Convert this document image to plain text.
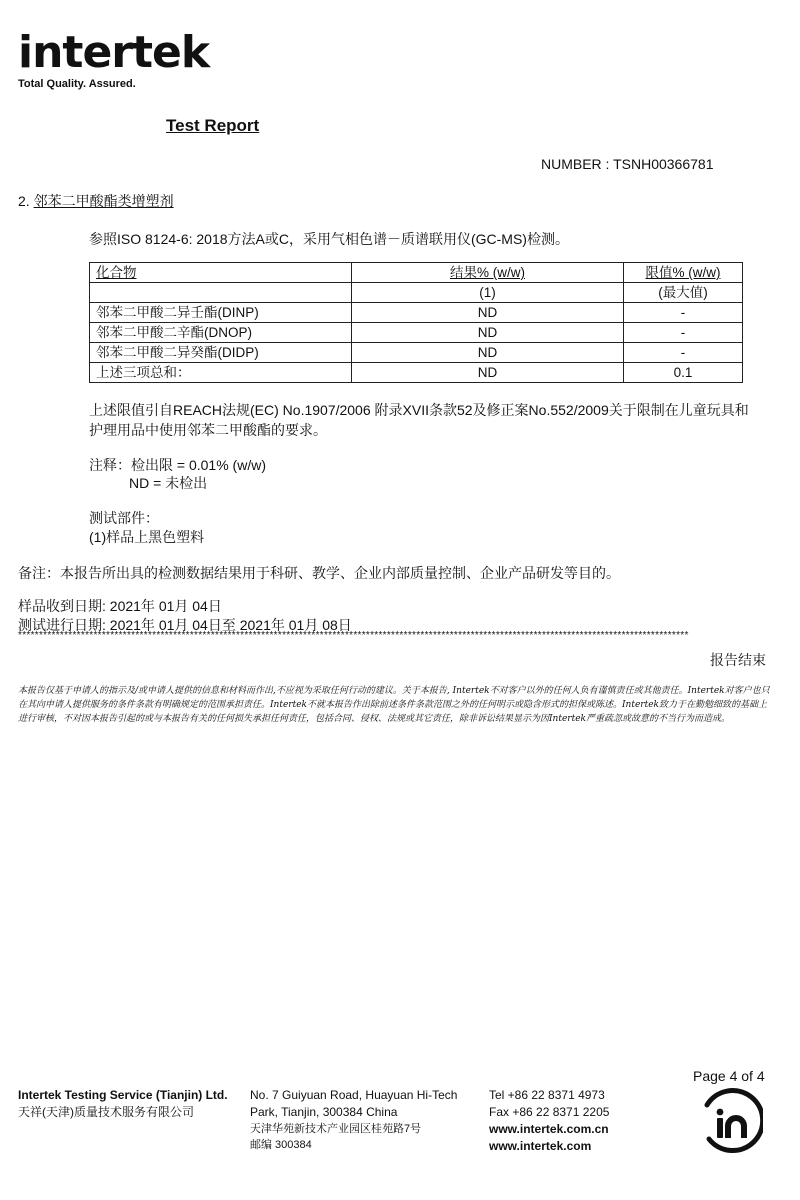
intertek
Total Quality. Assured.
Test Report
NUMBER : TSNH00366781
2. 邻苯二甲酸酯类增塑剂
参照ISO 8124-6: 2018方法A或C，采用气相色谱－质谱联用仪(GC-MS)检测。
化合物	结果% (w/w)	限值% (w/w)
	(1)	(最大值)
邻苯二甲酸二异壬酯(DINP)	ND	-
邻苯二甲酸二辛酯(DNOP)	ND	-
邻苯二甲酸二异癸酯(DIDP)	ND	-
上述三项总和：	ND	0.1
上述限值引自REACH法规(EC) No.1907/2006 附录XVII条款52及修正案No.552/2009关于限制在儿童玩具和护理用品中使用邻苯二甲酸酯的要求。
注释：检出限 = 0.01% (w/w)
ND = 未检出
测试部件：
(1)样品上黑色塑料
备注：本报告所出具的检测数据结果用于科研、教学、企业内部质量控制、企业产品研发等目的。
样品收到日期: 2021年 01月 04日
测试进行日期: 2021年 01月 04日至 2021年 01月 08日
****************************************************************************************************************************************************************
报告结束
本报告仅基于申请人的指示及/或申请人提供的信息和材料而作出,不应视为采取任何行动的建议。关于本报告, Intertek不对客户以外的任何人负有谨慎责任或其他责任。Intertek对客户也只在其向申请人提供服务的条件条款有明确规定的范围承担责任。Intertek不就本报告作出除前述条件条款范围之外的任何明示或隐含形式的担保或陈述。Intertek致力于在勤勉细致的基础上进行审核，不对因本报告引起的或与本报告有关的任何损失承担任何责任，包括合同、侵权、法规或其它责任，除非诉讼结果显示为因Intertek严重疏忽或故意的不当行为而造成。
Page 4 of 4
Intertek Testing Service (Tianjin) Ltd.
天祥(天津)质量技术服务有限公司
No. 7 Guiyuan Road, Huayuan Hi-Tech
Park, Tianjin, 300384 China
天津华苑新技术产业园区桂苑路7号
邮编 300384
Tel +86 22 8371 4973
Fax +86 22 8371 2205
www.intertek.com.cn
www.intertek.com
